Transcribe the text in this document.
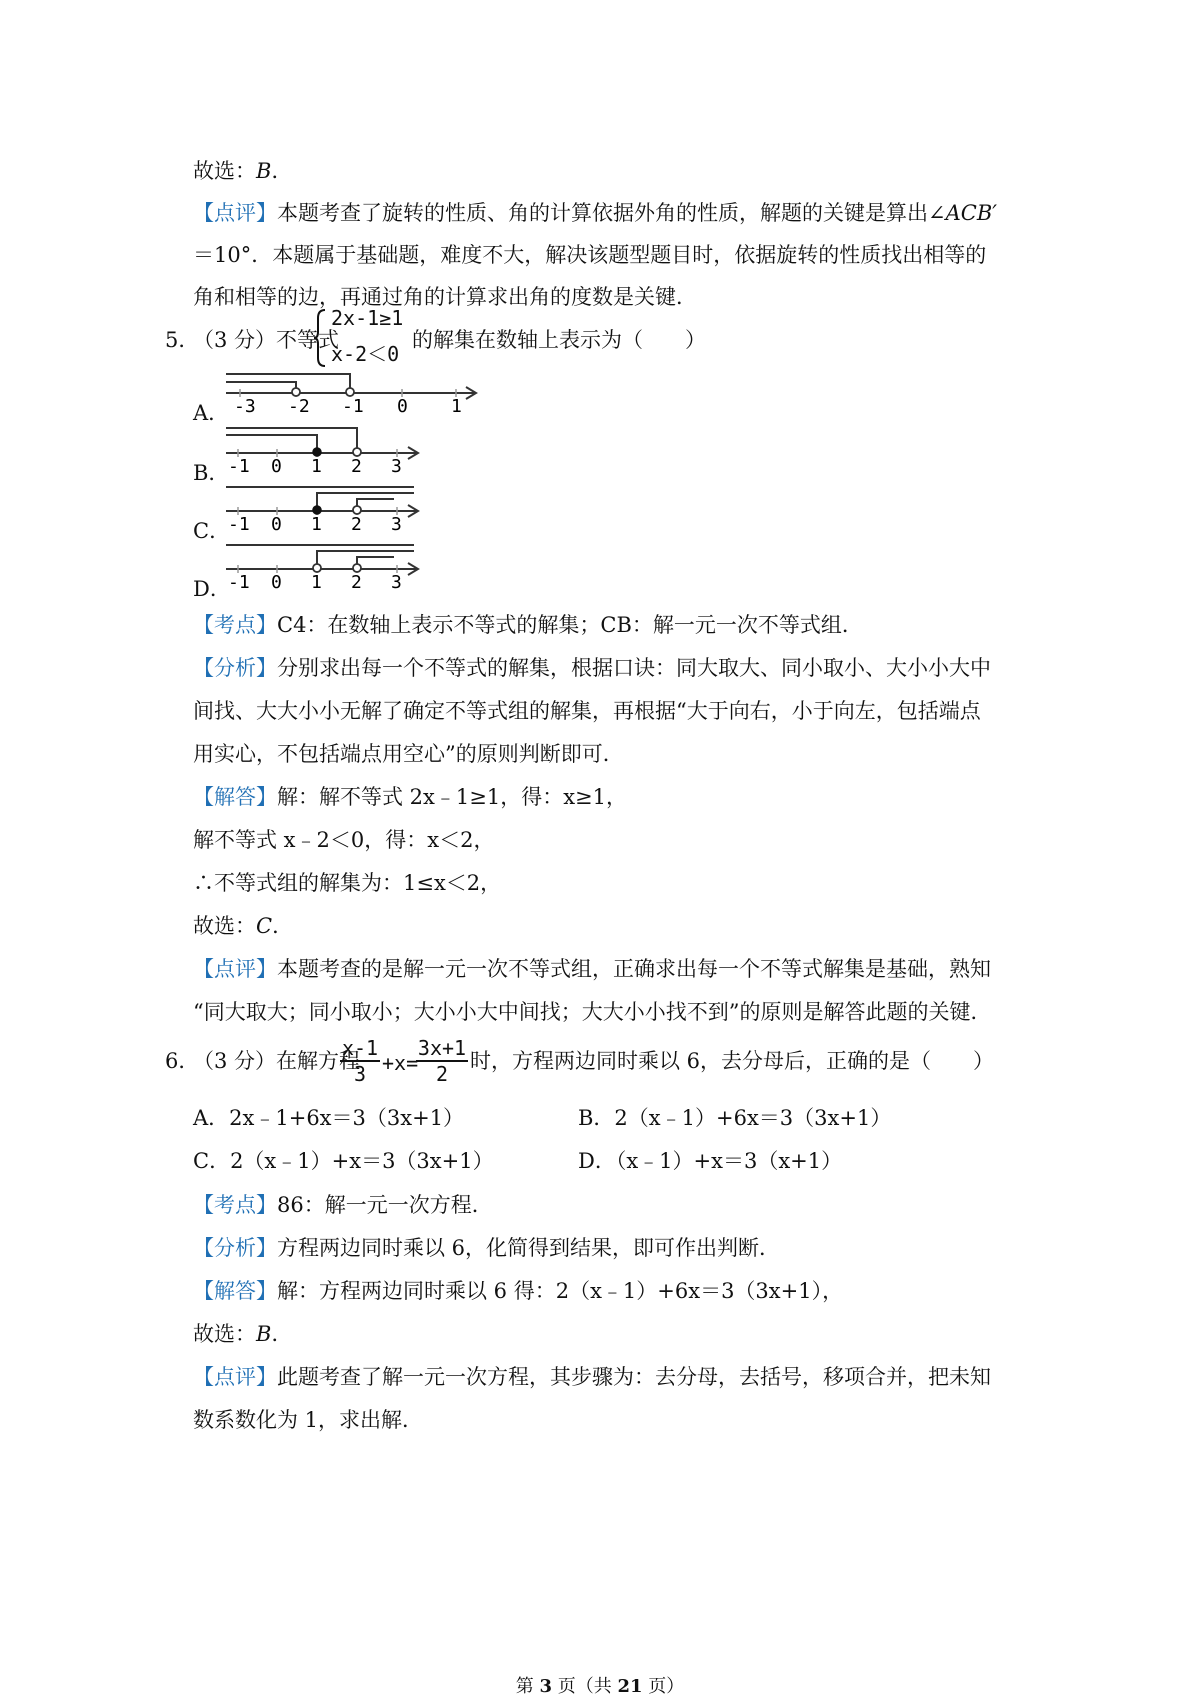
故选：B．
【点评】本题考查了旋转的性质、角的计算依据外角的性质，解题的关键是算出∠ACB′
＝10°．本题属于基础题，难度不大，解决该题型题目时，依据旋转的性质找出相等的
角和相等的边，再通过角的计算求出角的度数是关键．
5．
（3 分）不等式
2x-1≥1
x-2＜0
的解集在数轴上表示为（　　）
A． -3 -2 -1 0 1
B．
-1 0 1 2 3
C．
-1 0 1 2 3
D．
-1 0 1 2 3
【考点】C4：在数轴上表示不等式的解集；CB：解一元一次不等式组．
【分析】分别求出每一个不等式的解集，根据口诀：同大取大、同小取小、大小小大中
间找、大大小小无解了确定不等式组的解集，再根据“大于向右，小于向左，包括端点
用实心，不包括端点用空心”的原则判断即可．
【解答】解：解不等式 2x﹣1≥1，得：x≥1，
解不等式 x﹣2＜0，得：x＜2，
∴不等式组的解集为：1≤x＜2，
故选：C．
【点评】本题考查的是解一元一次不等式组，正确求出每一个不等式解集是基础，熟知
“同大取大；同小取小；大小小大中间找；大大小小找不到”的原则是解答此题的关键．
6．
（3 分）在解方程
$\frac{x-1}{3} +x=$
$\frac{3x+1}{2}$ 时，方程两边同时乘以 6，去分母后，正确的是（　　）
A．2x﹣1+6x＝3（3x+1）	B．2（x﹣1）+6x＝3（3x+1）
C．2（x﹣1）+x＝3（3x+1）	D．（x﹣1）+x＝3（x+1）
【考点】86：解一元一次方程．
【分析】方程两边同时乘以 6，化简得到结果，即可作出判断．
【解答】解：方程两边同时乘以 6 得：2（x﹣1）+6x＝3（3x+1），
故选：B．
【点评】此题考查了解一元一次方程，其步骤为：去分母，去括号，移项合并，把未知
数系数化为 1，求出解．
第 3 页（共 21 页）
